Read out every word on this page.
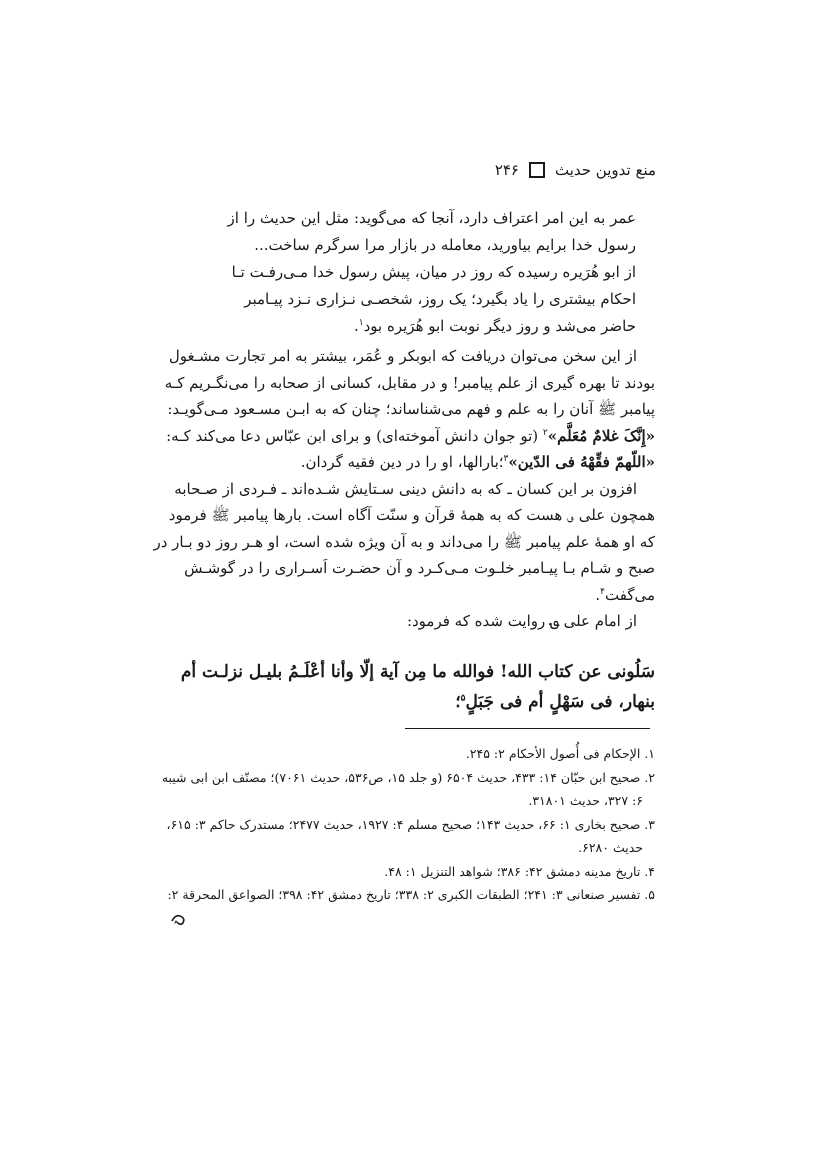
۲۴۶ منع تدوین حدیث
عمر به این امر اعتراف دارد، آنجا که می‌گوید: مثل این حدیث را از
رسول خدا برایم بیاورید، معامله در بازار مرا سرگرم ساخت...
از ابو هُرَیره رسیده که روز در میان، پیش رسول خدا مـی‌رفـت تـا
احکام بیشتری را یاد بگیرد؛ یک روز، شخصـی نـزاری نـزد پیـامبر
حاضر می‌شد و روز دیگر نوبت ابو هُرَیره بود$^۱$.
از این سخن می‌توان دریافت که ابوبکر و عُمَر، بیشتر به امر تجارت مشـغول
بودند تا بهره گیری از علم پیامبر! و در مقابل، کسانی از صحابه را می‌نگـریم کـه
پیامبر ﷺ آنان را به علم و فهم می‌شناساند؛ چنان که به ابـن مسـعود مـی‌گویـد:
«إِنَّکَ غلامٌ مُعَلَّم»$^۲$ (تو جوان دانش آموخته‌ای) و برای ابن عبّاس دعا می‌کند کـه:
«اللّهمّ فقِّهْهُ فی الدّین»$^۳$؛بارالها، او را در دین فقیه گردان.
افزون بر این کسان ـ که به دانش دینی سـتایش شـده‌اند ـ فـردی از صـحابه
همچون علی ؈ هست که به همهٔ قرآن و سنّت آگاه است. بارها پیامبر ﷺ فرمود
که او همهٔ علم پیامبر ﷺ را می‌داند و به آن ویژه شده است، او هـر روز دو بـار در
صبح و شـام بـا پیـامبر خلـوت مـی‌کـرد و آن حضـرت اَسـراری را در گوشـش
می‌گفت$^۴$.
از امام علی ؈ روایت شده که فرمود:
سَلُونی عن کتاب الله! فوالله ما مِن آیة إلّا وأنا أعْلَـمُ بلیـل نزلـت أم
بنهار، فی سَهْلٍ أم فی جَبَلٍ$^۵$؛
۱. الإحکام فی أُصول الأحکام ۲: ۲۴۵.
۲. صحیح ابن حبّان ۱۴: ۴۳۳، حدیث ۶۵۰۴ (و جلد ۱۵، ص۵۳۶، حدیث ۷۰۶۱)؛ مصنّف ابن ابی شیبه
۶: ۳۲۷، حدیث ۳۱۸۰۱.
۳. صحیح بخاری ۱: ۶۶، حدیث ۱۴۳؛ صحیح مسلم ۴: ۱۹۲۷، حدیث ۲۴۷۷؛ مستدرک حاکم ۳: ۶۱۵،
حدیث ۶۲۸۰.
۴. تاریخ مدینه دمشق ۴۲: ۳۸۶؛ شواهد التنزیل ۱: ۴۸.
۵. تفسیر صنعانی ۳: ۲۴۱؛ الطبقات الکبری ۲: ۳۳۸؛ تاریخ دمشق ۴۲: ۳۹۸؛ الصواعق المحرقة ۲:
